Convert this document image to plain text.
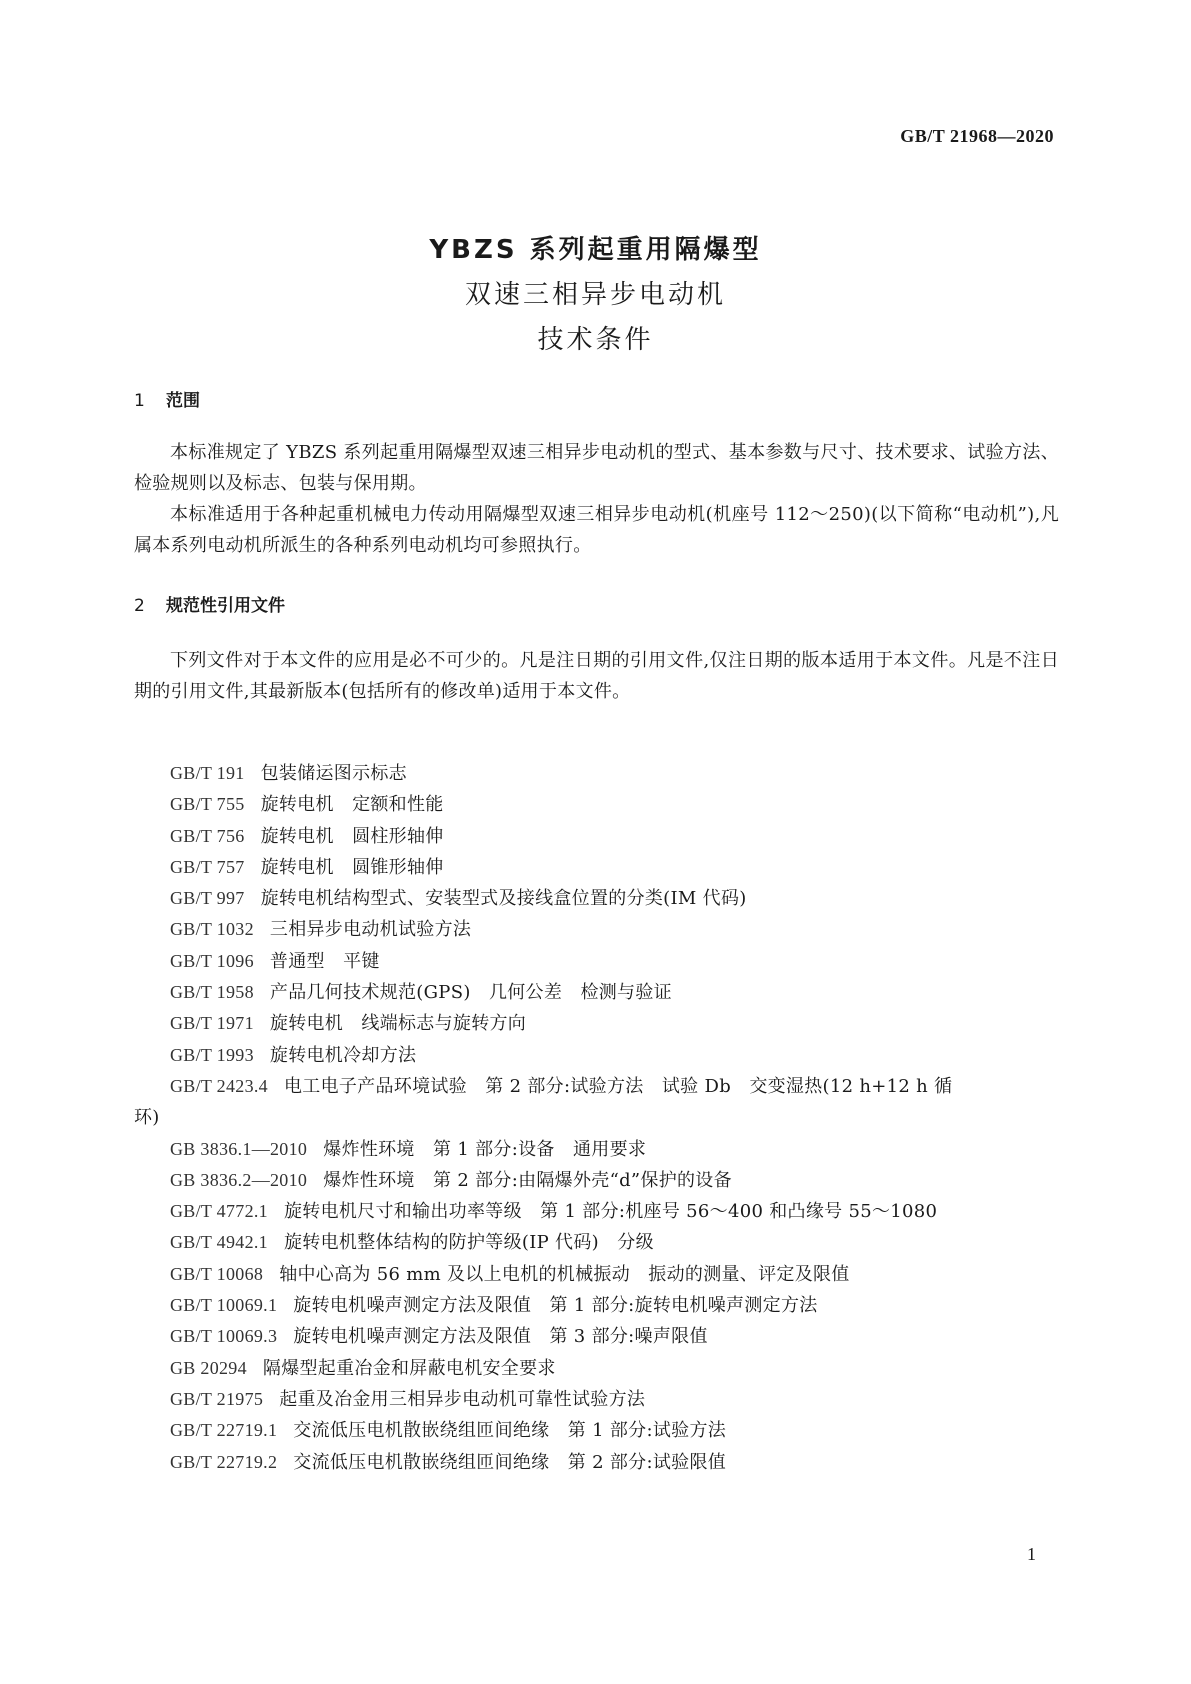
GB/T 21968—2020

YBZS 系列起重用隔爆型

双速三相异步电动机

技术条件

1 范围

本标准规定了 YBZS 系列起重用隔爆型双速三相异步电动机的型式、基本参数与尺寸、技术要求、试验方法、检验规则以及标志、包装与保用期。

本标准适用于各种起重机械电力传动用隔爆型双速三相异步电动机(机座号 112～250)(以下简称“电动机”),凡属本系列电动机所派生的各种系列电动机均可参照执行。

2 规范性引用文件

下列文件对于本文件的应用是必不可少的。凡是注日期的引用文件,仅注日期的版本适用于本文件。凡是不注日期的引用文件,其最新版本(包括所有的修改单)适用于本文件。

GB/T 191 包装储运图示标志
GB/T 755 旋转电机　定额和性能
GB/T 756 旋转电机　圆柱形轴伸
GB/T 757 旋转电机　圆锥形轴伸
GB/T 997 旋转电机结构型式、安装型式及接线盒位置的分类(IM 代码)
GB/T 1032 三相异步电动机试验方法
GB/T 1096 普通型　平键
GB/T 1958 产品几何技术规范(GPS)　几何公差　检测与验证
GB/T 1971 旋转电机　线端标志与旋转方向
GB/T 1993 旋转电机冷却方法
GB/T 2423.4 电工电子产品环境试验　第 2 部分:试验方法　试验 Db　交变湿热(12 h+12 h 循
环)
GB 3836.1—2010 爆炸性环境　第 1 部分:设备　通用要求
GB 3836.2—2010 爆炸性环境　第 2 部分:由隔爆外壳“d”保护的设备
GB/T 4772.1 旋转电机尺寸和输出功率等级　第 1 部分:机座号 56～400 和凸缘号 55～1080
GB/T 4942.1 旋转电机整体结构的防护等级(IP 代码)　分级
GB/T 10068 轴中心高为 56 mm 及以上电机的机械振动　振动的测量、评定及限值
GB/T 10069.1 旋转电机噪声测定方法及限值　第 1 部分:旋转电机噪声测定方法
GB/T 10069.3 旋转电机噪声测定方法及限值　第 3 部分:噪声限值
GB 20294 隔爆型起重冶金和屏蔽电机安全要求
GB/T 21975 起重及冶金用三相异步电动机可靠性试验方法
GB/T 22719.1 交流低压电机散嵌绕组匝间绝缘　第 1 部分:试验方法
GB/T 22719.2 交流低压电机散嵌绕组匝间绝缘　第 2 部分:试验限值
1
